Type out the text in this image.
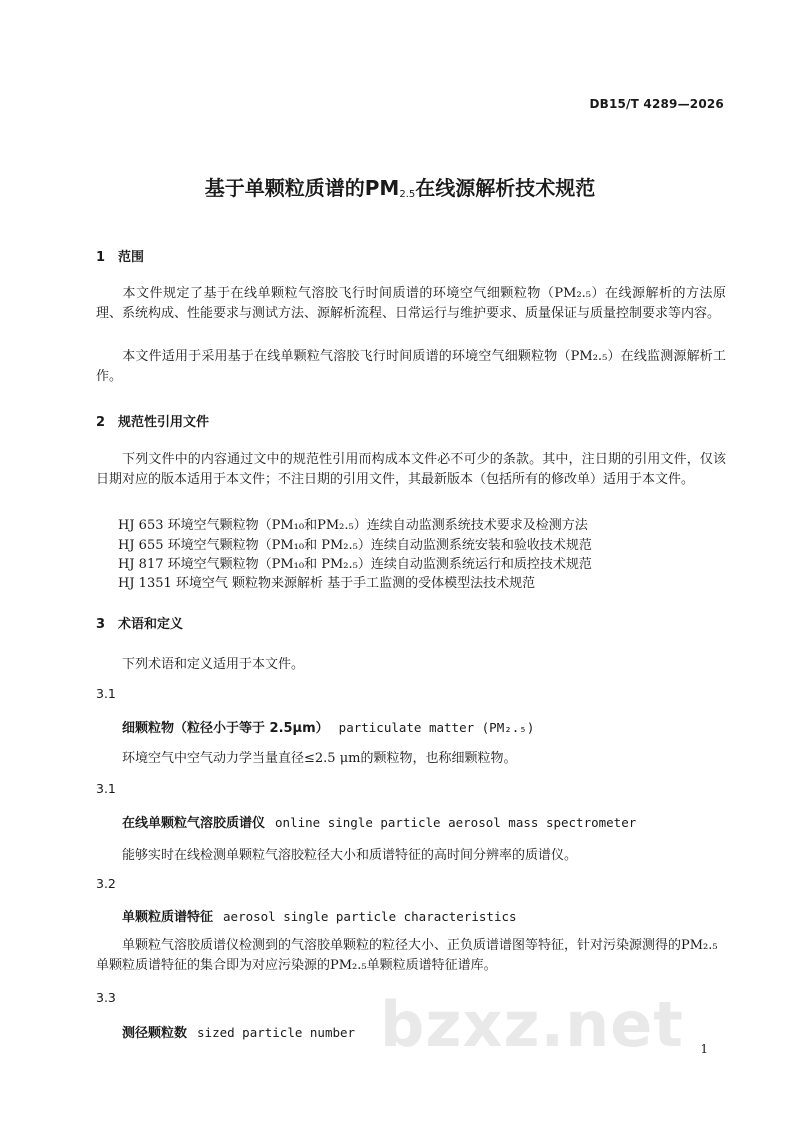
DB15/T 4289—2026
基于单颗粒质谱的$PM_{2.5}$在线源解析技术规范
1 范围
本文件规定了基于在线单颗粒气溶胶飞行时间质谱的环境空气细颗粒物（PM₂.₅）在线源解析的方法原理、系统构成、性能要求与测试方法、源解析流程、日常运行与维护要求、质量保证与质量控制要求等内容。
本文件适用于采用基于在线单颗粒气溶胶飞行时间质谱的环境空气细颗粒物（PM₂.₅）在线监测源解析工作。
2 规范性引用文件
下列文件中的内容通过文中的规范性引用而构成本文件必不可少的条款。其中，注日期的引用文件，仅该日期对应的版本适用于本文件；不注日期的引用文件，其最新版本（包括所有的修改单）适用于本文件。
HJ 653 环境空气颗粒物（PM₁₀和PM₂.₅）连续自动监测系统技术要求及检测方法
HJ 655 环境空气颗粒物（PM₁₀和 PM₂.₅）连续自动监测系统安装和验收技术规范
HJ 817 环境空气颗粒物（PM₁₀和 PM₂.₅）连续自动监测系统运行和质控技术规范
HJ 1351 环境空气 颗粒物来源解析 基于手工监测的受体模型法技术规范
3 术语和定义
下列术语和定义适用于本文件。
3.1
细颗粒物（粒径小于等于 2.5μm） particulate matter (PM₂.₅)
环境空气中空气动力学当量直径≤2.5 μm的颗粒物，也称细颗粒物。
3.1
在线单颗粒气溶胶质谱仪 online single particle aerosol mass spectrometer
能够实时在线检测单颗粒气溶胶粒径大小和质谱特征的高时间分辨率的质谱仪。
3.2
单颗粒质谱特征 aerosol single particle characteristics
单颗粒气溶胶质谱仪检测到的气溶胶单颗粒的粒径大小、正负质谱谱图等特征，针对污染源测得的PM₂.₅单颗粒质谱特征的集合即为对应污染源的PM₂.₅单颗粒质谱特征谱库。
3.3
测径颗粒数 sized particle number bzxz.net 1
